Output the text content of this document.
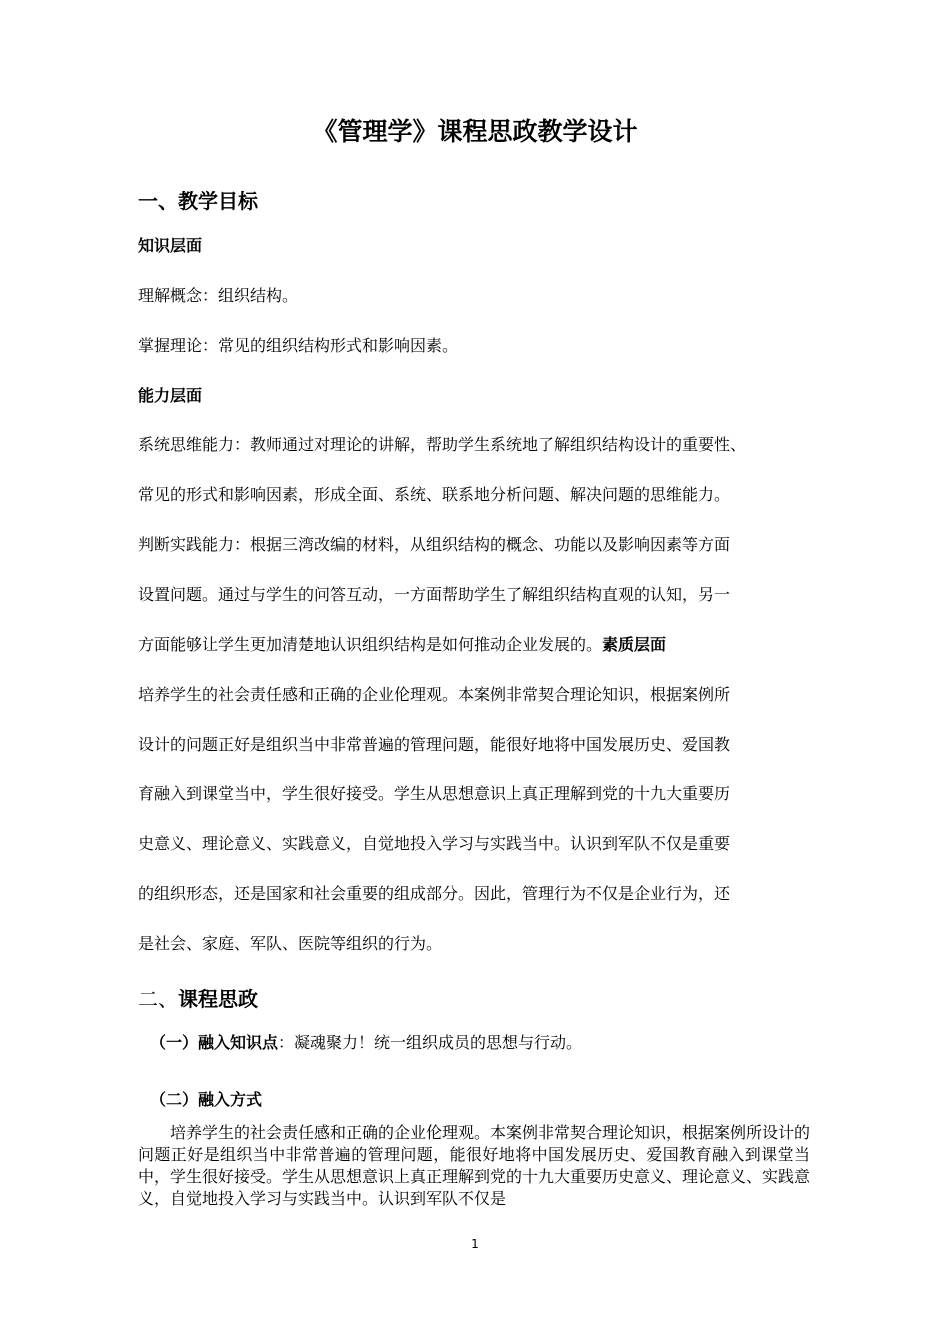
《管理学》课程思政教学设计
一、教学目标
知识层面
理解概念：组织结构。
掌握理论：常见的组织结构形式和影响因素。
能力层面
系统思维能力：教师通过对理论的讲解，帮助学生系统地了解组织结构设计的重要性、
常见的形式和影响因素，形成全面、系统、联系地分析问题、解决问题的思维能力。
判断实践能力：根据三湾改编的材料，从组织结构的概念、功能以及影响因素等方面
设置问题。通过与学生的问答互动，一方面帮助学生了解组织结构直观的认知，另一
方面能够让学生更加清楚地认识组织结构是如何推动企业发展的。素质层面
培养学生的社会责任感和正确的企业伦理观。本案例非常契合理论知识，根据案例所
设计的问题正好是组织当中非常普遍的管理问题，能很好地将中国发展历史、爱国教
育融入到课堂当中，学生很好接受。学生从思想意识上真正理解到党的十九大重要历
史意义、理论意义、实践意义，自觉地投入学习与实践当中。认识到军队不仅是重要
的组织形态，还是国家和社会重要的组成部分。因此，管理行为不仅是企业行为，还
是社会、家庭、军队、医院等组织的行为。
二、课程思政
（一）融入知识点：凝魂聚力！统一组织成员的思想与行动。
（二）融入方式
培养学生的社会责任感和正确的企业伦理观。本案例非常契合理论知识，根据案例所设计的问题正好是组织当中非常普遍的管理问题，能很好地将中国发展历史、爱国教育融入到课堂当中，学生很好接受。学生从思想意识上真正理解到党的十九大重要历史意义、理论意义、实践意义，自觉地投入学习与实践当中。认识到军队不仅是
1
